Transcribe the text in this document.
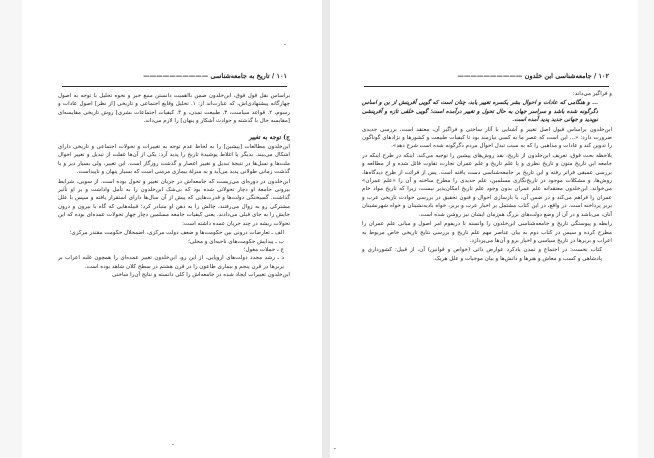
ـ
۱۰۱ / تاریخ به جامعه‌شناسی ——————————

براساس نقل قول فوق، ابن‌خلدون ضمن بااهمیت دانستن منبع خبر و نحوه تحلیل با توجه به اصول چهارگانه پیشنهادی‌اش، که عبارت‌اند از: ۱. تحلیل وقایع اجتماعی و تاریخی [از نظر] اصول عادات و رسوم، ۲. قواعد سیاست، ۳. طبیعت تمدن، و ۴. کیفیات اجتماعات بشری] روش تاریخی مقایسه‌ای [مقایسه حال با گذشته و حوادث آشکار و پنهان] را لازم می‌داند.

ج) توجه به تغییر

ابن‌خلدون مطالعات [پیشین] را به لحاظ عدم توجه به تغییرات و تحولات اجتماعی و تاریخی دارای اشکال می‌بیند. بدیگر یا اغلاط پوشیدهٔ تاریخ را پدید آرد: یکی از آن‌ها غفلت از تبدیل و تغییر احوال ملت‌ها و نسل‌ها در نتیجهٔ تبدیل و تغییر اعصار و گذشت روزگار است. این تغییر، ولی بسیار دیر و با گذشت زمانی طولانی پدید می‌آید و به منزلهٔ بیماری مزمنی است که بسیار پنهان و ناپیداست.

ابن‌خلدون در دوره‌ای می‌زیست که جامعه‌اش در جریان تغییر و تحول بوده است. از سویی، شرایط بیرونی جامعهٔ او دچار تحولاتی شده بود که بی‌شک ابن‌خلدون را به تأمل واداشت و بر او تأثیر گذاشت. گسیختگی دولت‌ها و قدرت‌هایی که پیش از آن سال‌ها دارای استقرار یافته و سپس با علل مشترکی رو به زوال می‌رفتند، چالش را به ذهن او متبادر کرد؛ قبیله‌هایی که گاه با بیرون و درون جایش را به جای قبلی می‌دادند. یعنی کیفیات جامعه مسلمین دچار چهار تحولات عمده‌ای بوده که این تحولات ریشه در چند جریان عمده داشته است:

الف ـ تعارضات درونی بین حکومت‌ها و ضعف دولت مرکزی، اضمحلال حکومت مقتدر مرکزی؛

ب ـ پیدایش حکومت‌های ناحیه‌ای و محلی؛

ج ـ حملات مغول؛

د ـ رشد مجدد دولت‌های اروپایی. از این رو، ابن‌خلدون تغییر عمده‌ای را همچون غلبه اعراب بر بربرها در قرن پنجم و بیماری طاعون را در قرن هشتم در سطح کلان شاهد بوده است.

ابن‌خلدون تغییرات ایجاد شده در جامعه‌اش را کلی دانسته و نتایج آن‌را ساختی

ـ
۱۰۲ / جامعه‌شناسی ابن خلدون ——————————

و فراگیر می‌داند:

... و هنگامی که عادات و احوال بشر یکسره تغییر یابد، چنان است که گویی آفرینش از بن و اساس دگرگونه شده باشد و سراسر جهان به حال تحول و تغییر درآمده است؛ گویی خلقی تازه و آفرینشی نوپدید و جهانی جدید پدید آمده است.

ابن‌خلدون براساس قبول اصل تغییر و آشنایی با آثار ساختی و فراگیر آن، معتقد است، بررسی جدیدی ضرورت دارد: «... این است که عصر ما به کسی نیازمند بود تا کیفیات طبیعت و کشورها و نژادهای گوناگون را تدوین کند و عادات و مذاهبی را که به سبب تبدل احوال مردم دگرگونه شده است شرح دهد».

بلاحظه بحث فوق، تعریف ابن‌خلدون از تاریخ، نقد روش‌های پیشین را توجیه می‌کند. اینکه در طرح اینکه در جامعه این تاریخ متون و تاریخ نظری و یا علم تاریخ و علم عمران تجارت تفاوت قائل شده و از مطالعه و بررسی عمیقی فراتر رفته و این تاریخ بر جامعه‌شناسی دست یافته است. پس از قرائت از ظرح دیدگاه‌ها، روش‌ها، و مشکلات موجود در تاریخ‌نگاری مسلمین، علم جدیدی را مطرح ساخته و آن را «علم عمران» می‌خواند. ابن‌خلدون معتقدانه علم عمران بدون وجود علم تاریخ امکان‌پذیر نیست، زیرا که تاریخ مواد خام عمران را فراهم می‌کند و در ضمن آن، با بازسازی احوال و فنون تحقیق در بررسی حوادث تاریخی عرب و بربر پرداخته است. در واقع، در این کتاب مشتمل بر اخبار عرب و بربر، خواه بادیه‌نشینان و خواه شهرنشینان آنان، می‌باشد و در آن از وضع دولت‌های بزرگ هم‌زمان ایشان نیز روشن شده است.

رابطه و پیوستگی تاریخ و جامعه‌شناسی ابن‌خلدون را وانسته تا دریفوم امر اصول و مبانی علم عمران را مطرح کرده و سپس در کتاب دوم به بیان عناصر مهم علم تاریخ و بررسی نتایج تاریخی خاص مربوط به اعراب و بربرها در تاریخ سیاسی و اخبار برو و آن‌ها می‌پردازد.

کتاب نخست: در اجتماع و تمدن یادکرد عوارض ذاتی (خواص و قوانین) آن، از قبیل: کشورداری و پادشاهی و کسب و معاش و هنرها و دانش‌ها و بیان موجبات و علل هریک.

ـ
